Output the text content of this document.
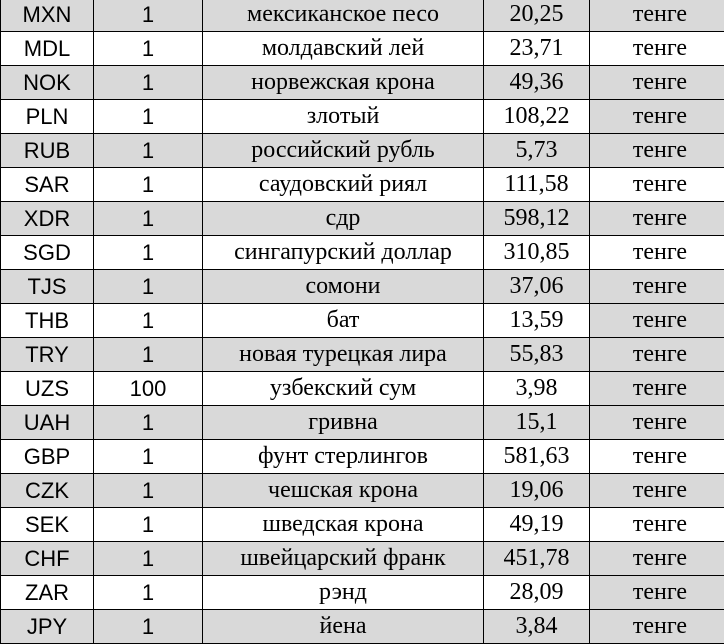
MXN	1	мексиканское песо	20,25	тенге
MDL	1	молдавский лей	23,71	тенге
NOK	1	норвежская крона	49,36	тенге
PLN	1	злотый	108,22	тенге
RUB	1	российский рубль	5,73	тенге
SAR	1	саудовский риял	111,58	тенге
XDR	1	сдр	598,12	тенге
SGD	1	сингапурский доллар	310,85	тенге
TJS	1	сомони	37,06	тенге
THB	1	бат	13,59	тенге
TRY	1	новая турецкая лира	55,83	тенге
UZS	100	узбекский сум	3,98	тенге
UAH	1	гривна	15,1	тенге
GBP	1	фунт стерлингов	581,63	тенге
CZK	1	чешская крона	19,06	тенге
SEK	1	шведская крона	49,19	тенге
CHF	1	швейцарский франк	451,78	тенге
ZAR	1	рэнд	28,09	тенге
JPY	1	йена	3,84	тенге
